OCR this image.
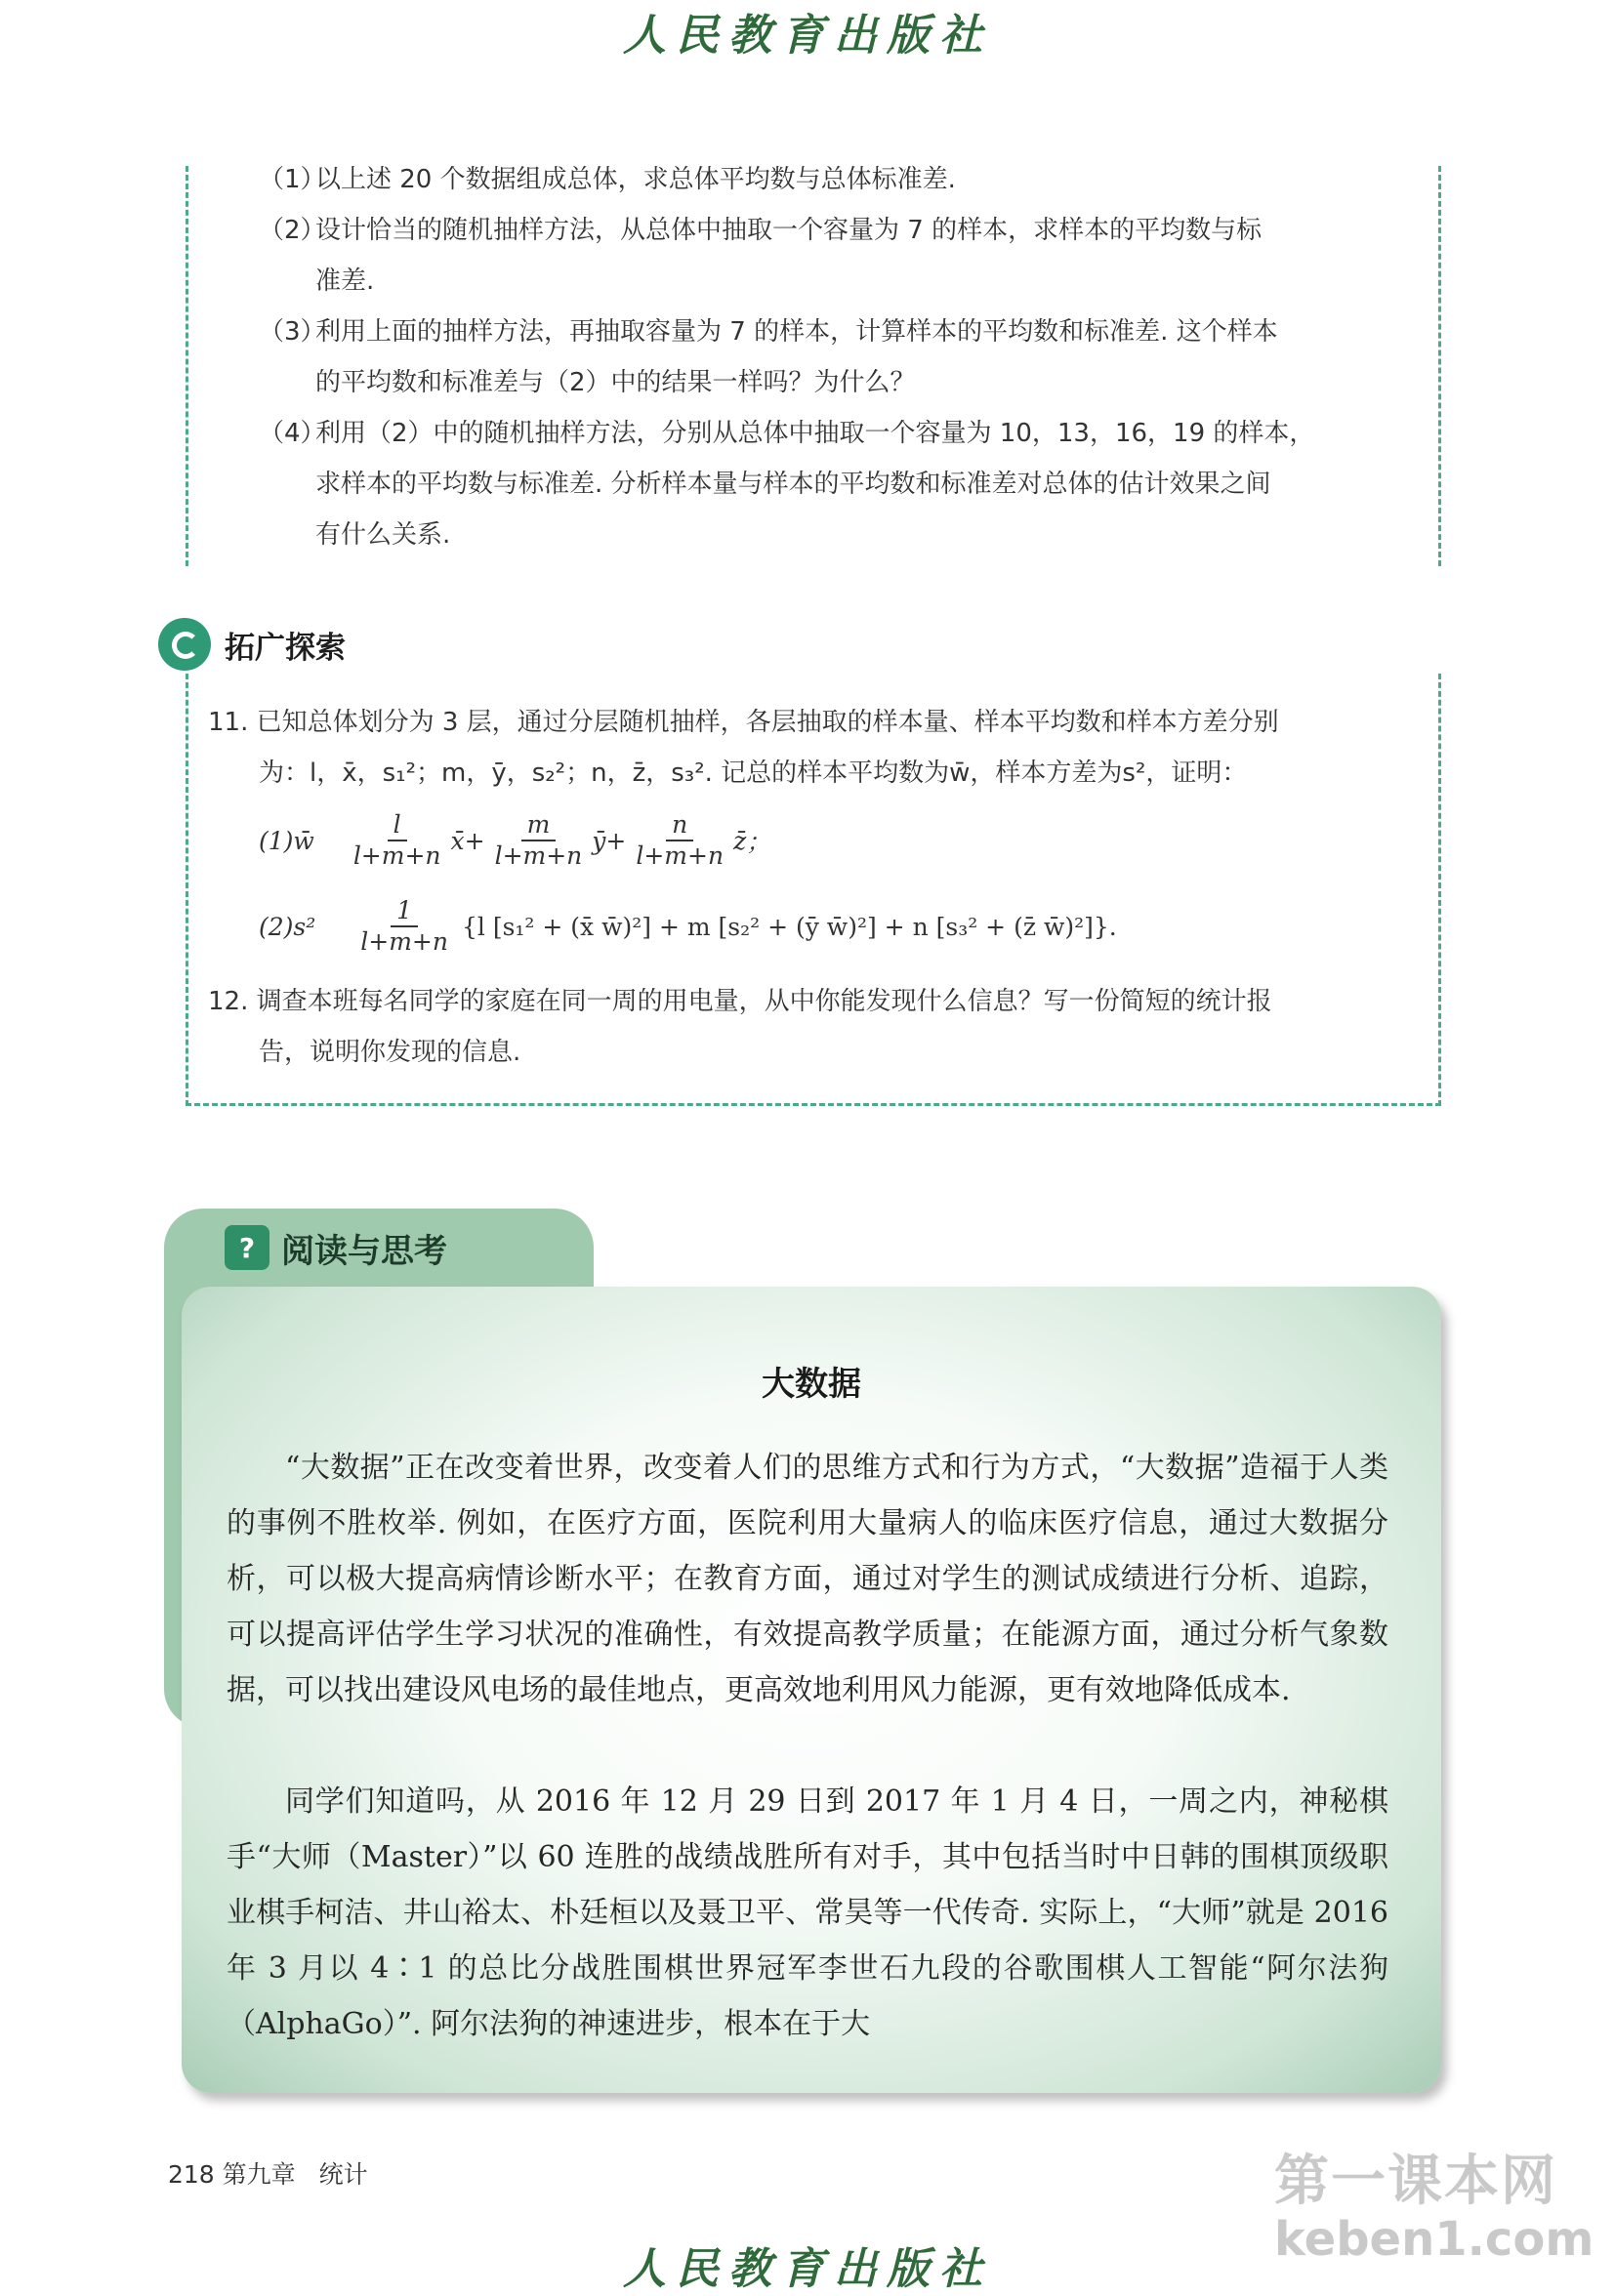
人民教育出版社
（1）以上述 20 个数据组成总体，求总体平均数与总体标准差.
（2）设计恰当的随机抽样方法，从总体中抽取一个容量为 7 的样本，求样本的平均数与标
准差.
（3）利用上面的抽样方法，再抽取容量为 7 的样本，计算样本的平均数和标准差. 这个样本
的平均数和标准差与（2）中的结果一样吗？为什么？
（4）利用（2）中的随机抽样方法，分别从总体中抽取一个容量为 10，13，16，19 的样本，
求样本的平均数与标准差. 分析样本量与样本的平均数和标准差对总体的估计效果之间
有什么关系.
拓广探索
11. 已知总体划分为 3 层，通过分层随机抽样，各层抽取的样本量、样本平均数和样本方差分别
为：l，x̄，s₁²；m，ȳ，s₂²；n，z̄，s₃². 记总的样本平均数为w̄，样本方差为s²，证明：
(1)w̄ $\frac{l}{l+m+n}$ x̄ + $\frac{m}{l+m+n}$ ȳ + $\frac{n}{l+m+n}$ z̄ ；
$(2)s^2 \frac{1}{l+m+n} \{l$ [s₁² + (x̄ w̄)²] + m [s₂² + (ȳ w̄)²] + n [s₃² + (z̄ w̄)²]}.
12. 调查本班每名同学的家庭在同一周的用电量，从中你能发现什么信息？写一份简短的统计报
告，说明你发现的信息.
? 阅读与思考
大数据
“大数据”正在改变着世界，改变着人们的思维方式和行为方式，“大数据”造福于人类的事例不胜枚举. 例如，在医疗方面，医院利用大量病人的临床医疗信息，通过大数据分析，可以极大提高病情诊断水平；在教育方面，通过对学生的测试成绩进行分析、追踪，可以提高评估学生学习状况的准确性，有效提高教学质量；在能源方面，通过分析气象数据，可以找出建设风电场的最佳地点，更高效地利用风力能源，更有效地降低成本.
同学们知道吗，从 2016 年 12 月 29 日到 2017 年 1 月 4 日，一周之内，神秘棋手“大师（Master）”以 60 连胜的战绩战胜所有对手，其中包括当时中日韩的围棋顶级职业棋手柯洁、井山裕太、朴廷桓以及聂卫平、常昊等一代传奇. 实际上，“大师”就是 2016 年 3 月以 4∶1 的总比分战胜围棋世界冠军李世石九段的谷歌围棋人工智能“阿尔法狗（AlphaGo）”. 阿尔法狗的神速进步，根本在于大
218 第九章 统计	第一课本网
keben1.com
人民教育出版社
